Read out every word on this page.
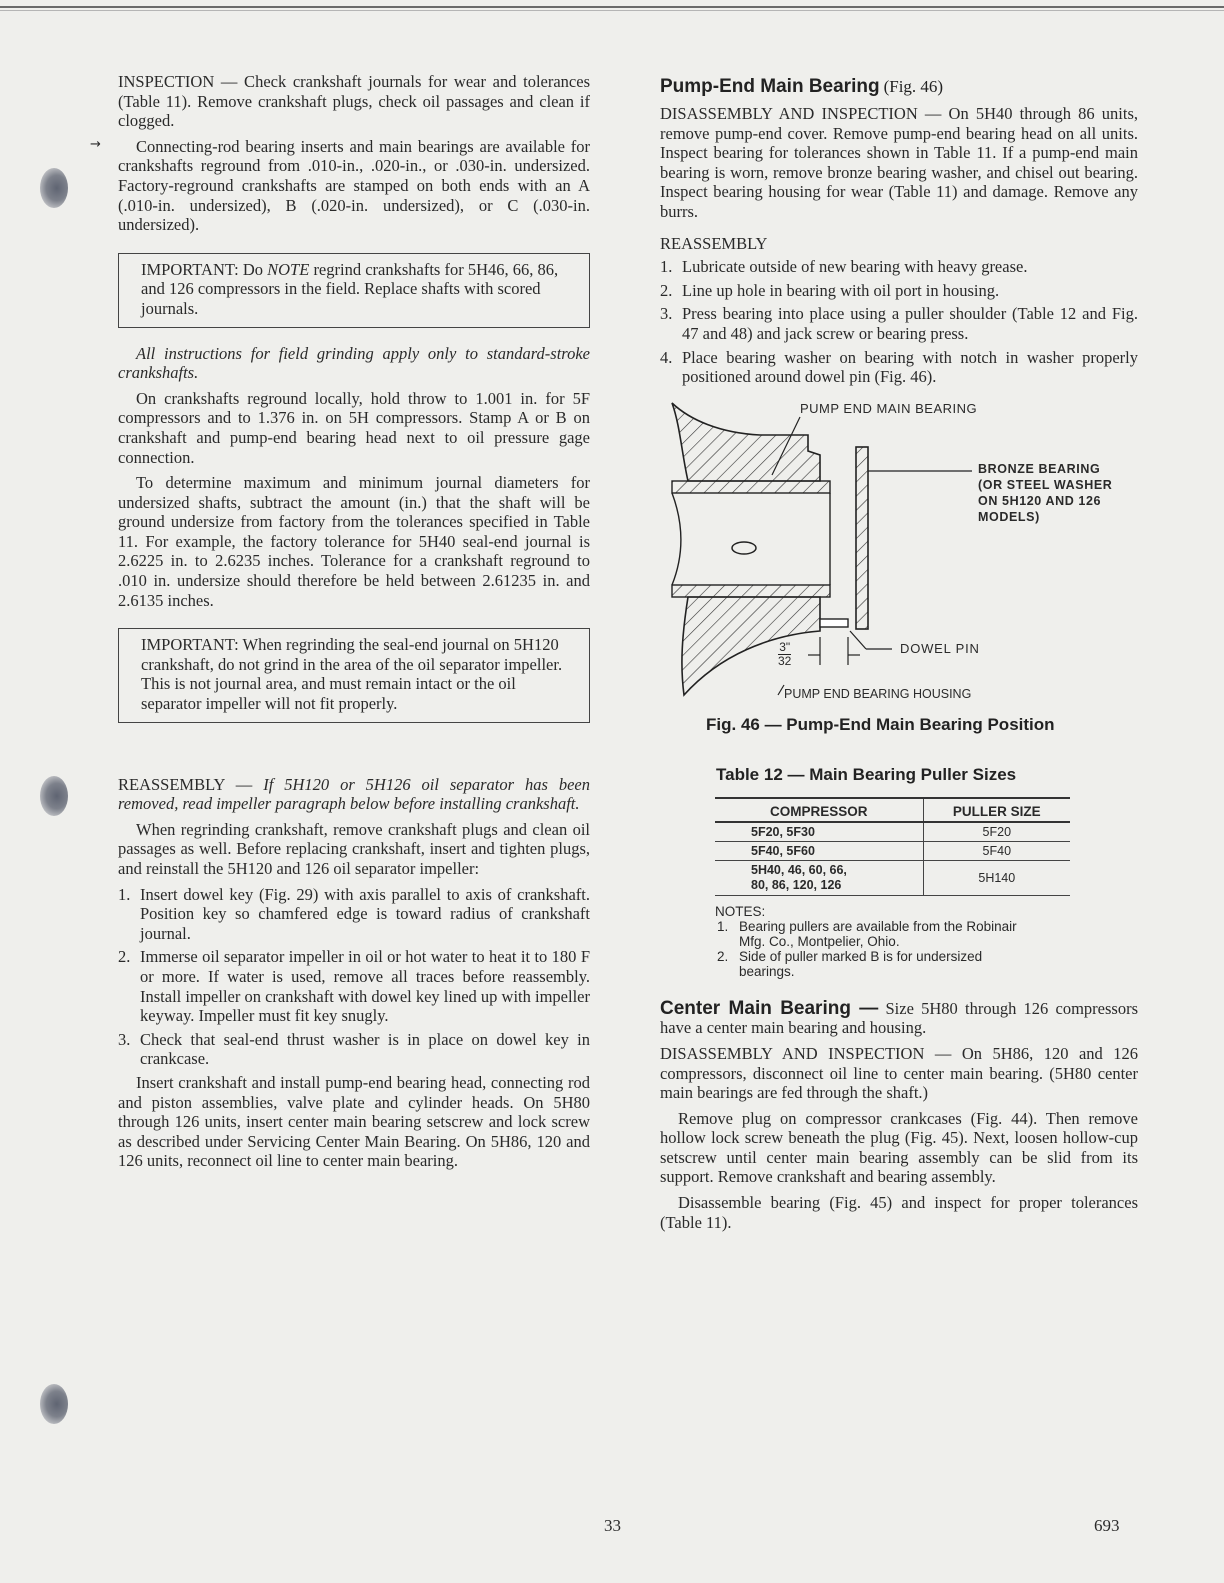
INSPECTION — Check crankshaft journals for wear and tolerances (Table 11). Remove crankshaft plugs, check oil passages and clean if clogged.

→	Connecting-rod bearing inserts and main bearings are available for crankshafts reground from .010-in., .020-in., or .030-in. undersized. Factory-reground crankshafts are stamped on both ends with an A (.010-in. undersized), B (.020-in. undersized), or C (.030-in. undersized).

IMPORTANT: Do NOTE regrind crankshafts for 5H46, 66, 86, and 126 compressors in the field. Replace shafts with scored journals.

All instructions for field grinding apply only to standard-stroke crankshafts.

On crankshafts reground locally, hold throw to 1.001 in. for 5F compressors and to 1.376 in. on 5H compressors. Stamp A or B on crankshaft and pump-end bearing head next to oil pressure gage connection.

To determine maximum and minimum journal diameters for undersized shafts, subtract the amount (in.) that the shaft will be ground undersize from factory from the tolerances specified in Table 11. For example, the factory tolerance for 5H40 seal-end journal is 2.6225 in. to 2.6235 inches. Tolerance for a crankshaft reground to .010 in. undersize should therefore be held between 2.61235 in. and 2.6135 inches.

IMPORTANT: When regrinding the seal-end journal on 5H120 crankshaft, do not grind in the area of the oil separator impeller. This is not journal area, and must remain intact or the oil separator impeller will not fit properly.

REASSEMBLY — If 5H120 or 5H126 oil separator has been removed, read impeller paragraph below before installing crankshaft.

When regrinding crankshaft, remove crankshaft plugs and clean oil passages as well. Before replacing crankshaft, insert and tighten plugs, and reinstall the 5H120 and 126 oil separator impeller:

1. Insert dowel key (Fig. 29) with axis parallel to axis of crankshaft. Position key so chamfered edge is toward radius of crankshaft journal.
2. Immerse oil separator impeller in oil or hot water to heat it to 180 F or more. If water is used, remove all traces before reassembly. Install impeller on crankshaft with dowel key lined up with impeller keyway. Impeller must fit key snugly.
3. Check that seal-end thrust washer is in place on dowel key in crankcase.

Insert crankshaft and install pump-end bearing head, connecting rod and piston assemblies, valve plate and cylinder heads. On 5H80 through 126 units, insert center main bearing setscrew and lock screw as described under Servicing Center Main Bearing. On 5H86, 120 and 126 units, reconnect oil line to center main bearing.

Pump-End Main Bearing (Fig. 46)

DISASSEMBLY AND INSPECTION — On 5H40 through 86 units, remove pump-end cover. Remove pump-end bearing head on all units. Inspect bearing for tolerances shown in Table 11. If a pump-end main bearing is worn, remove bronze bearing washer, and chisel out bearing. Inspect bearing housing for wear (Table 11) and damage. Remove any burrs.

REASSEMBLY

1. Lubricate outside of new bearing with heavy grease.
2. Line up hole in bearing with oil port in housing.
3. Press bearing into place using a puller shoulder (Table 12 and Fig. 47 and 48) and jack screw or bearing press.
4. Place bearing washer on bearing with notch in washer properly positioned around dowel pin (Fig. 46).
PUMP END MAIN BEARING
BRONZE BEARING
(OR STEEL WASHER
ON 5H120 AND 126
MODELS)
DOWEL PIN
PUMP END BEARING HOUSING
3"
32
Fig. 46 — Pump-End Main Bearing Position
Table 12 — Main Bearing Puller Sizes
COMPRESSOR	PULLER SIZE
5F20, 5F30	5F20
5F40, 5F60	5F40

5H40, 46, 60, 66,
80, 86, 120, 126	5H140
NOTES:
1. Bearing pullers are available from the Robinair
Mfg. Co., Montpelier, Ohio.
2. Side of puller marked B is for undersized
bearings.

Center Main Bearing — Size 5H80 through 126 compressors have a center main bearing and housing.

DISASSEMBLY AND INSPECTION — On 5H86, 120 and 126 compressors, disconnect oil line to center main bearing. (5H80 center main bearings are fed through the shaft.)

Remove plug on compressor crankcases (Fig. 44). Then remove hollow lock screw beneath the plug (Fig. 45). Next, loosen hollow-cup setscrew until center main bearing assembly can be slid from its support. Remove crankshaft and bearing assembly.

Disassemble bearing (Fig. 45) and inspect for proper tolerances (Table 11).

33	693
